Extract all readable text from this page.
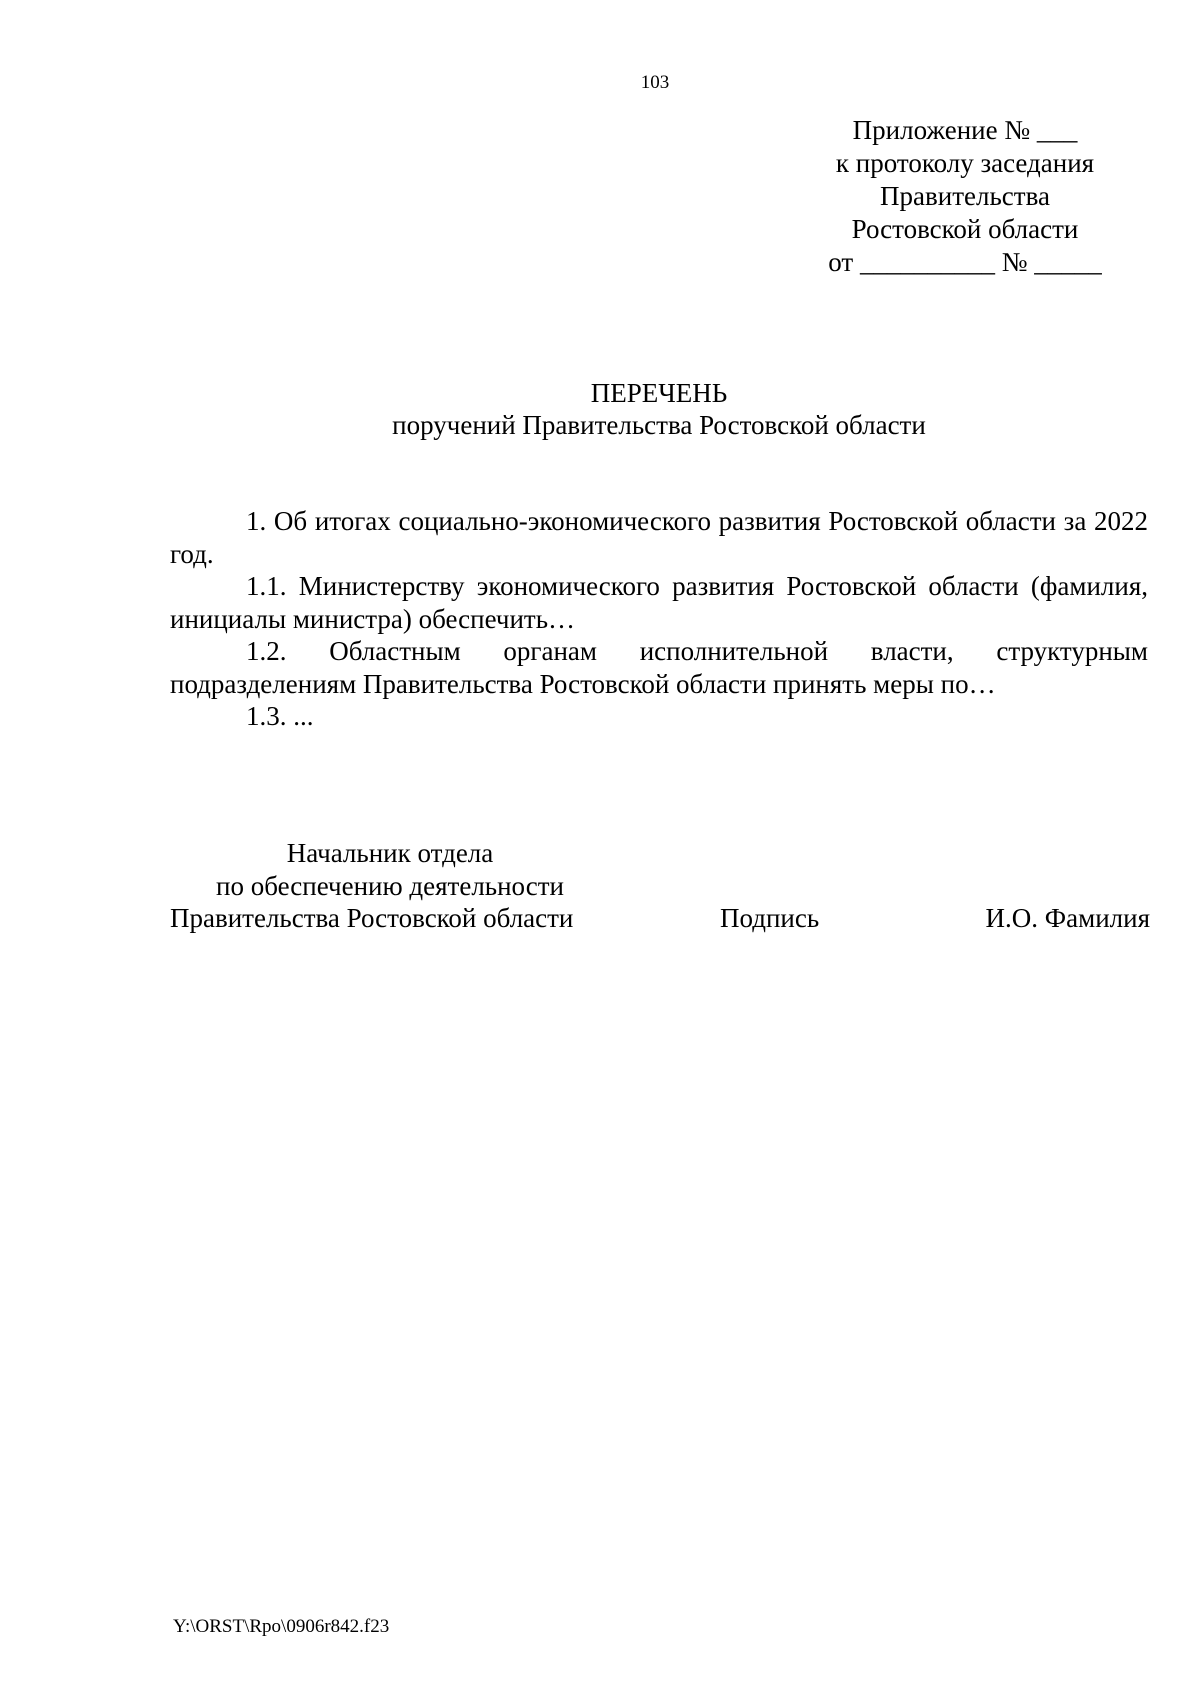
103
Приложение № ___
к протоколу заседания
Правительства
Ростовской области
от __________ № _____
ПЕРЕЧЕНЬ
поручений Правительства Ростовской области

1. Об итогах социально-экономического развития Ростовской области за 2022 год.

1.1. Министерству экономического развития Ростовской области (фамилия, инициалы министра) обеспечить…

1.2. Областным органам исполнительной власти, структурным подразделениям Правительства Ростовской области принять меры по…

1.3. ...

Начальник отдела
по обеспечению деятельности
Правительства Ростовской области	Подпись	И.О. Фамилия
Y:\ORST\Rpo\0906r842.f23
